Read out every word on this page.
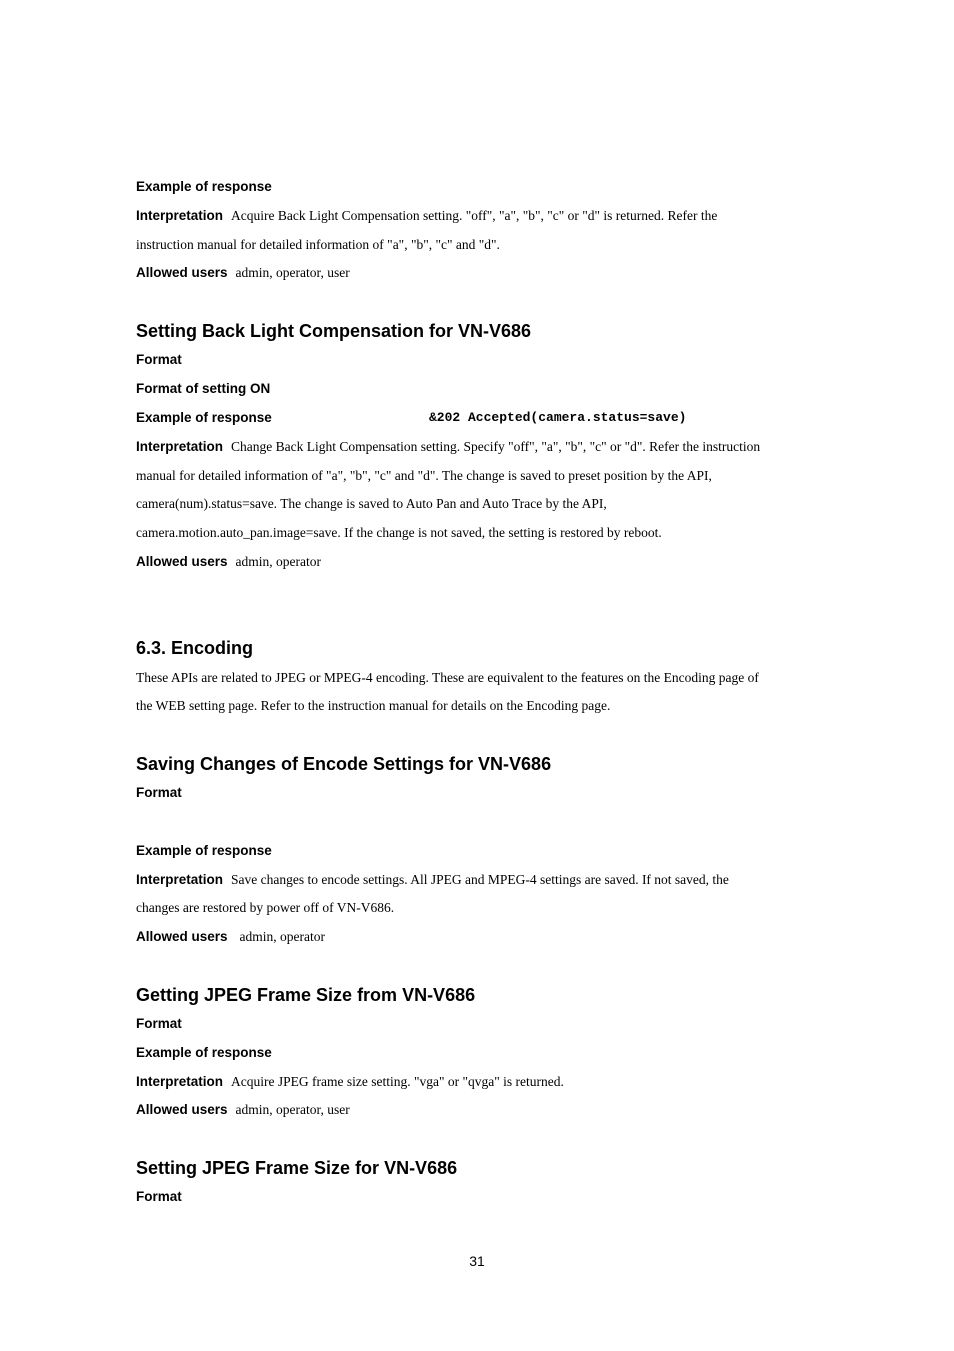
Example of response
Interpretation Acquire Back Light Compensation setting. "off", "a", "b", "c" or "d" is returned. Refer the
instruction manual for detailed information of "a", "b", "c" and "d".
Allowed users admin, operator, user
Setting Back Light Compensation for VN-V686
Format
Format of setting ON
Example of response	&202 Accepted(camera.status=save)
Interpretation Change Back Light Compensation setting. Specify "off", "a", "b", "c" or "d". Refer the instruction
manual for detailed information of "a", "b", "c" and "d". The change is saved to preset position by the API,
camera(num).status=save. The change is saved to Auto Pan and Auto Trace by the API,
camera.motion.auto_pan.image=save. If the change is not saved, the setting is restored by reboot.
Allowed users admin, operator
6.3. Encoding
These APIs are related to JPEG or MPEG-4 encoding. These are equivalent to the features on the Encoding page of
the WEB setting page. Refer to the instruction manual for details on the Encoding page.
Saving Changes of Encode Settings for VN-V686
Format
Example of response
Interpretation Save changes to encode settings. All JPEG and MPEG-4 settings are saved. If not saved, the
changes are restored by power off of VN-V686.
Allowed users admin, operator
Getting JPEG Frame Size from VN-V686
Format
Example of response
Interpretation Acquire JPEG frame size setting. "vga" or "qvga" is returned.
Allowed users admin, operator, user
Setting JPEG Frame Size for VN-V686
Format
31
